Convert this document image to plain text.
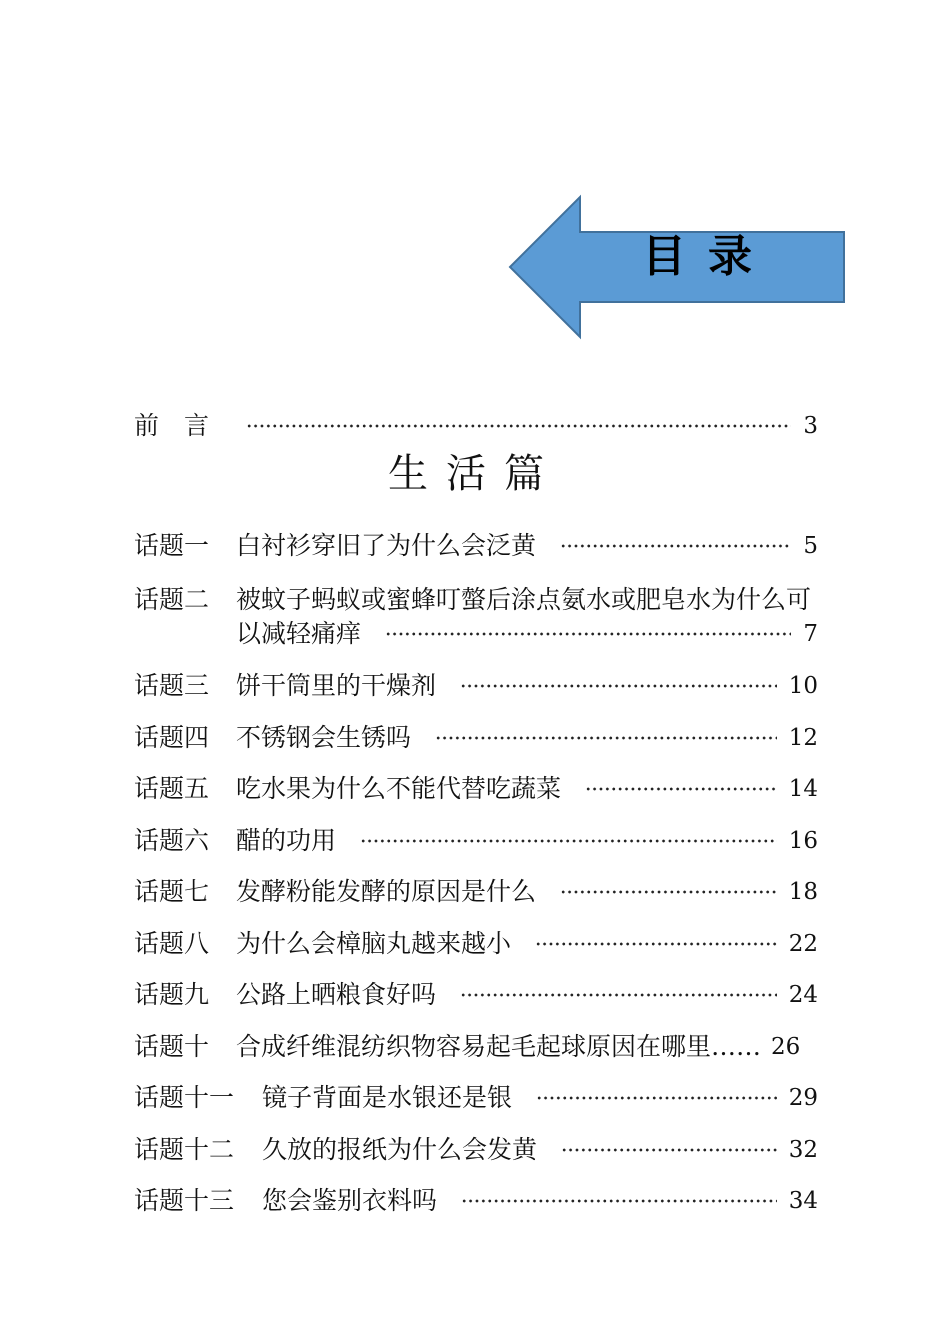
目录
前　言	3
生活篇
话题一	白衬衫穿旧了为什么会泛黄	5
话题二 被蚊子蚂蚁或蜜蜂叮螫后涂点氨水或肥皂水为什么可
以减轻痛痒	7
话题三	饼干筒里的干燥剂	10
话题四	不锈钢会生锈吗	12
话题五	吃水果为什么不能代替吃蔬菜	14
话题六	醋的功用	16
话题七	发酵粉能发酵的原因是什么	18
话题八	为什么会樟脑丸越来越小	22
话题九	公路上晒粮食好吗	24
话题十	合成纤维混纺织物容易起毛起球原因在哪里…… 26
话题十一	镜子背面是水银还是银	29
话题十二	久放的报纸为什么会发黄	32
话题十三	您会鉴别衣料吗	34
